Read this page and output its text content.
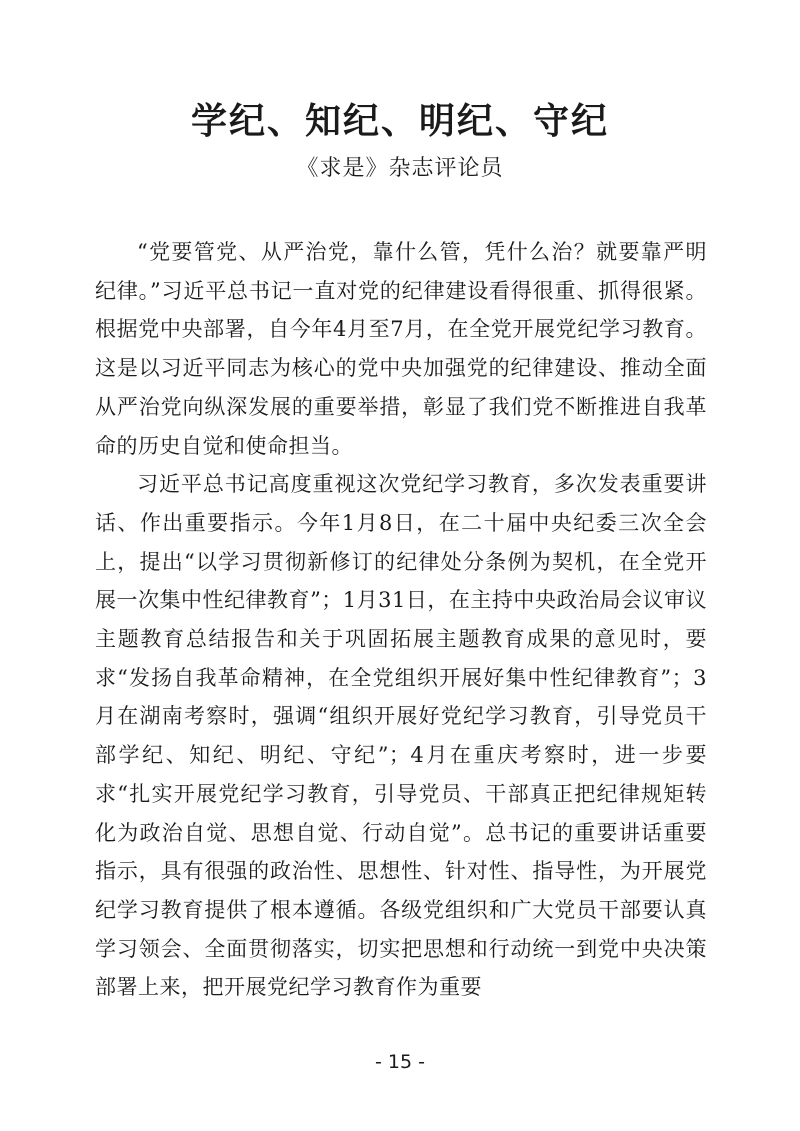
学纪、知纪、明纪、守纪
《求是》杂志评论员

“党要管党、从严治党，靠什么管，凭什么治？就要靠严明纪律。”习近平总书记一直对党的纪律建设看得很重、抓得很紧。根据党中央部署，自今年4月至7月，在全党开展党纪学习教育。这是以习近平同志为核心的党中央加强党的纪律建设、推动全面从严治党向纵深发展的重要举措，彰显了我们党不断推进自我革命的历史自觉和使命担当。

习近平总书记高度重视这次党纪学习教育，多次发表重要讲话、作出重要指示。今年1月8日，在二十届中央纪委三次全会上，提出“以学习贯彻新修订的纪律处分条例为契机，在全党开展一次集中性纪律教育”；1月31日，在主持中央政治局会议审议主题教育总结报告和关于巩固拓展主题教育成果的意见时，要求“发扬自我革命精神，在全党组织开展好集中性纪律教育”；3月在湖南考察时，强调“组织开展好党纪学习教育，引导党员干部学纪、知纪、明纪、守纪”；4月在重庆考察时，进一步要求“扎实开展党纪学习教育，引导党员、干部真正把纪律规矩转化为政治自觉、思想自觉、行动自觉”。总书记的重要讲话重要指示，具有很强的政治性、思想性、针对性、指导性，为开展党纪学习教育提供了根本遵循。各级党组织和广大党员干部要认真学习领会、全面贯彻落实，切实把思想和行动统一到党中央决策部署上来，把开展党纪学习教育作为重要

- 15 -
